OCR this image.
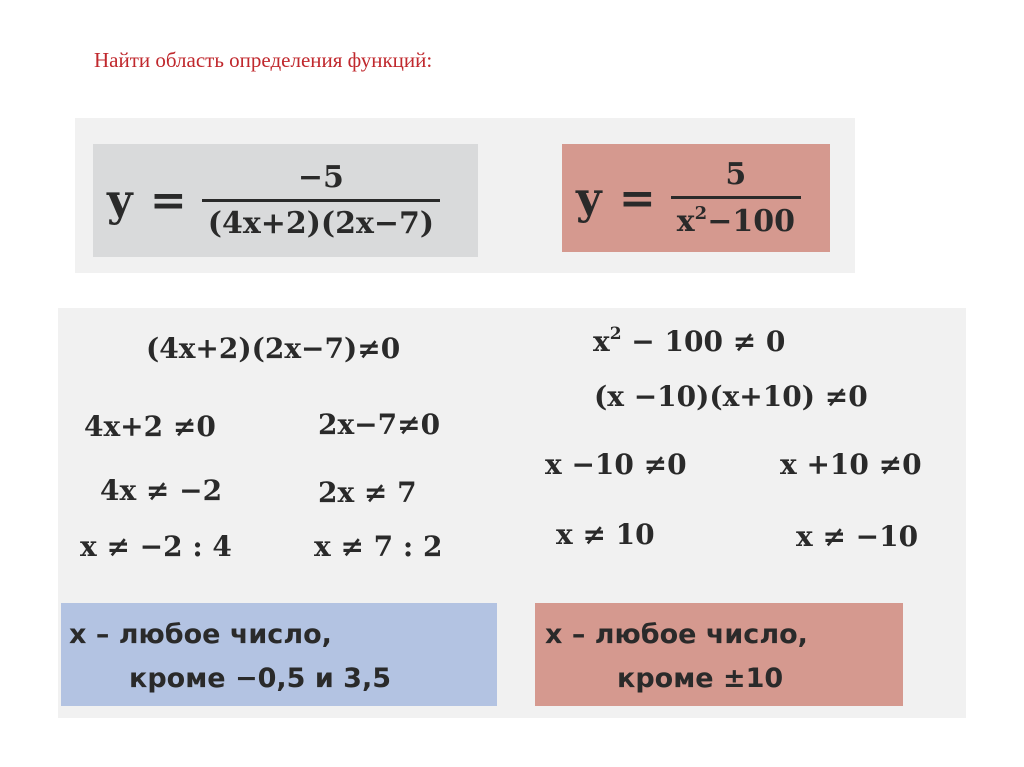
Найти область определения функций:
$y = \frac{-5}{(4x+2)(2x-7)}$	$y = \frac{5}{x^2-100}$
(4x+2)(2x−7)≠0
4x+2 ≠0	2x−7≠0
4x ≠ −2	2x ≠ 7
x ≠ −2 : 4	x ≠ 7 : 2
$x^2 - 100 \ne 0$
(x −10)(x+10) ≠0
x −10 ≠0	x +10 ≠0
x ≠ 10	x ≠ −10
x – любое число,
кроме −0,5 и 3,5
x – любое число,
кроме ±10
